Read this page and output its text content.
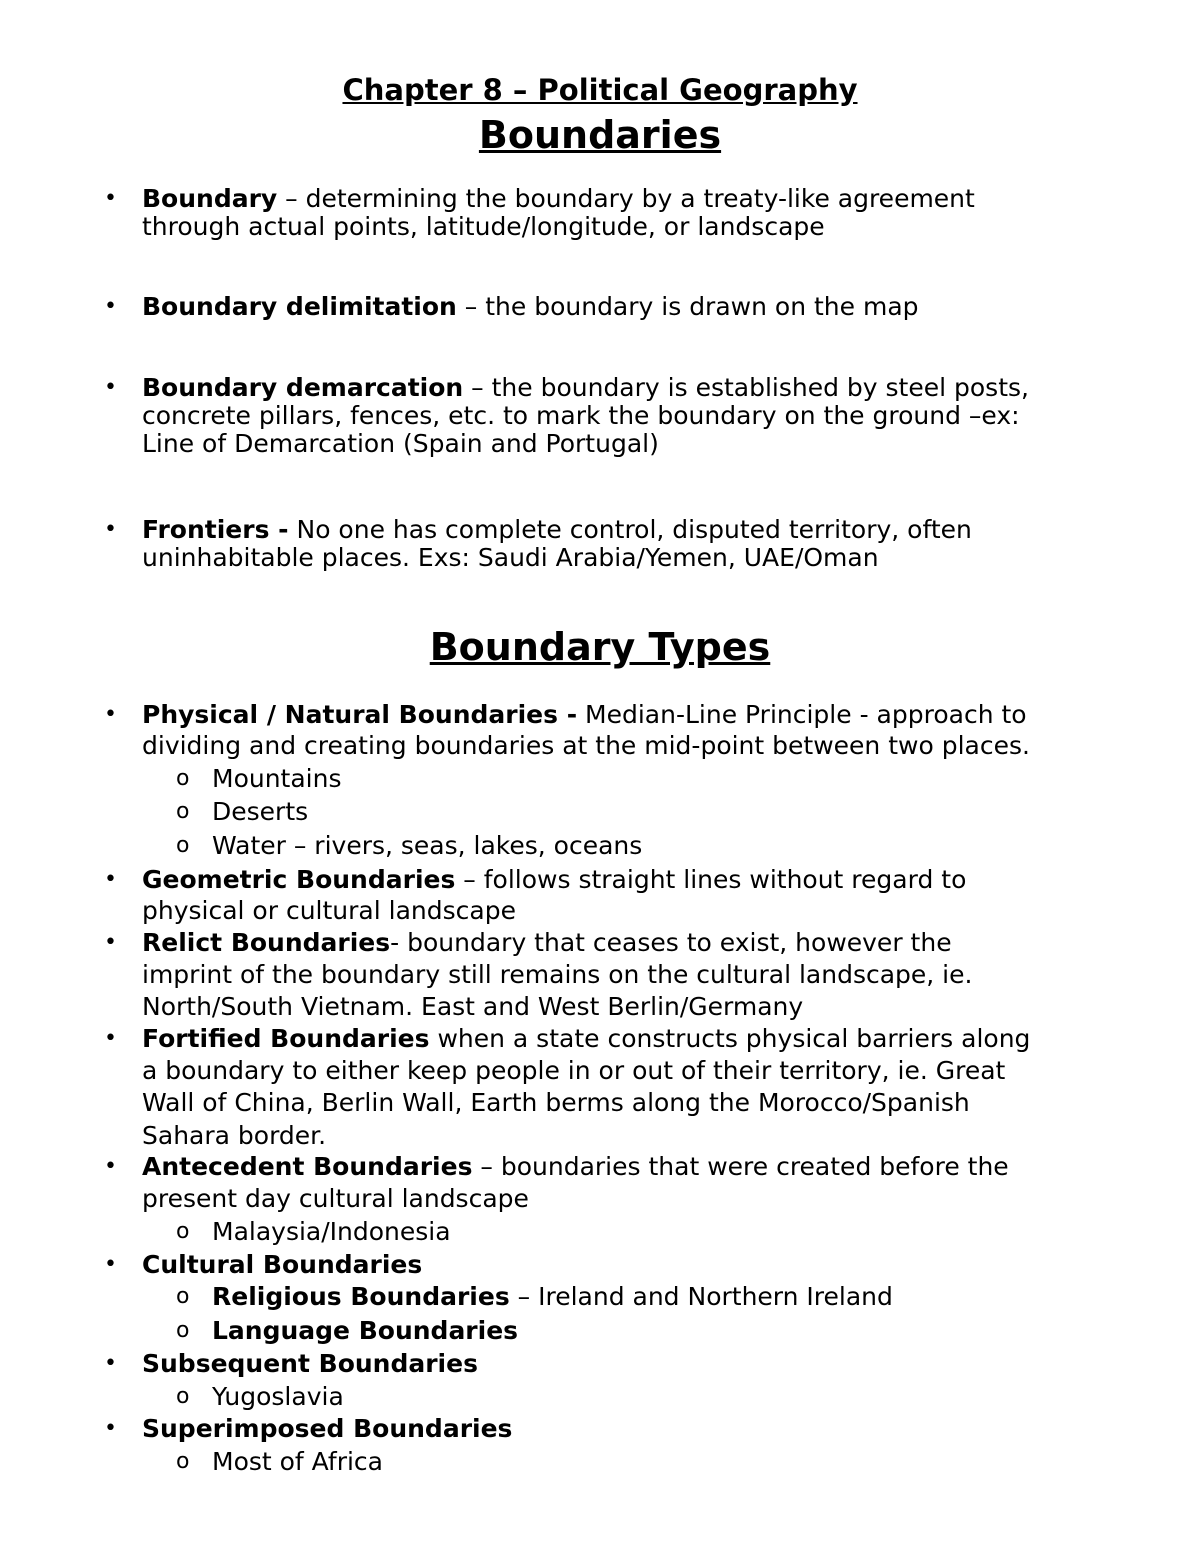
Chapter 8 – Political Geography
Boundaries
• Boundary – determining the boundary by a treaty-like agreement
through actual points, latitude/longitude, or landscape
• Boundary delimitation – the boundary is drawn on the map
• Boundary demarcation – the boundary is established by steel posts,
concrete pillars, fences, etc. to mark the boundary on the ground –ex:
Line of Demarcation (Spain and Portugal)
• Frontiers - No one has complete control, disputed territory, often
uninhabitable places. Exs: Saudi Arabia/Yemen, UAE/Oman
Boundary Types
• Physical / Natural Boundaries - Median-Line Principle - approach to
dividing and creating boundaries at the mid-point between two places.
o Mountains
o Deserts
o Water – rivers, seas, lakes, oceans
• Geometric Boundaries – follows straight lines without regard to
physical or cultural landscape
• Relict Boundaries- boundary that ceases to exist, however the
imprint of the boundary still remains on the cultural landscape, ie.
North/South Vietnam. East and West Berlin/Germany
• Fortified Boundaries when a state constructs physical barriers along
a boundary to either keep people in or out of their territory, ie. Great
Wall of China, Berlin Wall, Earth berms along the Morocco/Spanish
Sahara border.
• Antecedent Boundaries – boundaries that were created before the
present day cultural landscape
o Malaysia/Indonesia
• Cultural Boundaries
o Religious Boundaries – Ireland and Northern Ireland
o Language Boundaries
• Subsequent Boundaries
o Yugoslavia
• Superimposed Boundaries
o Most of Africa
